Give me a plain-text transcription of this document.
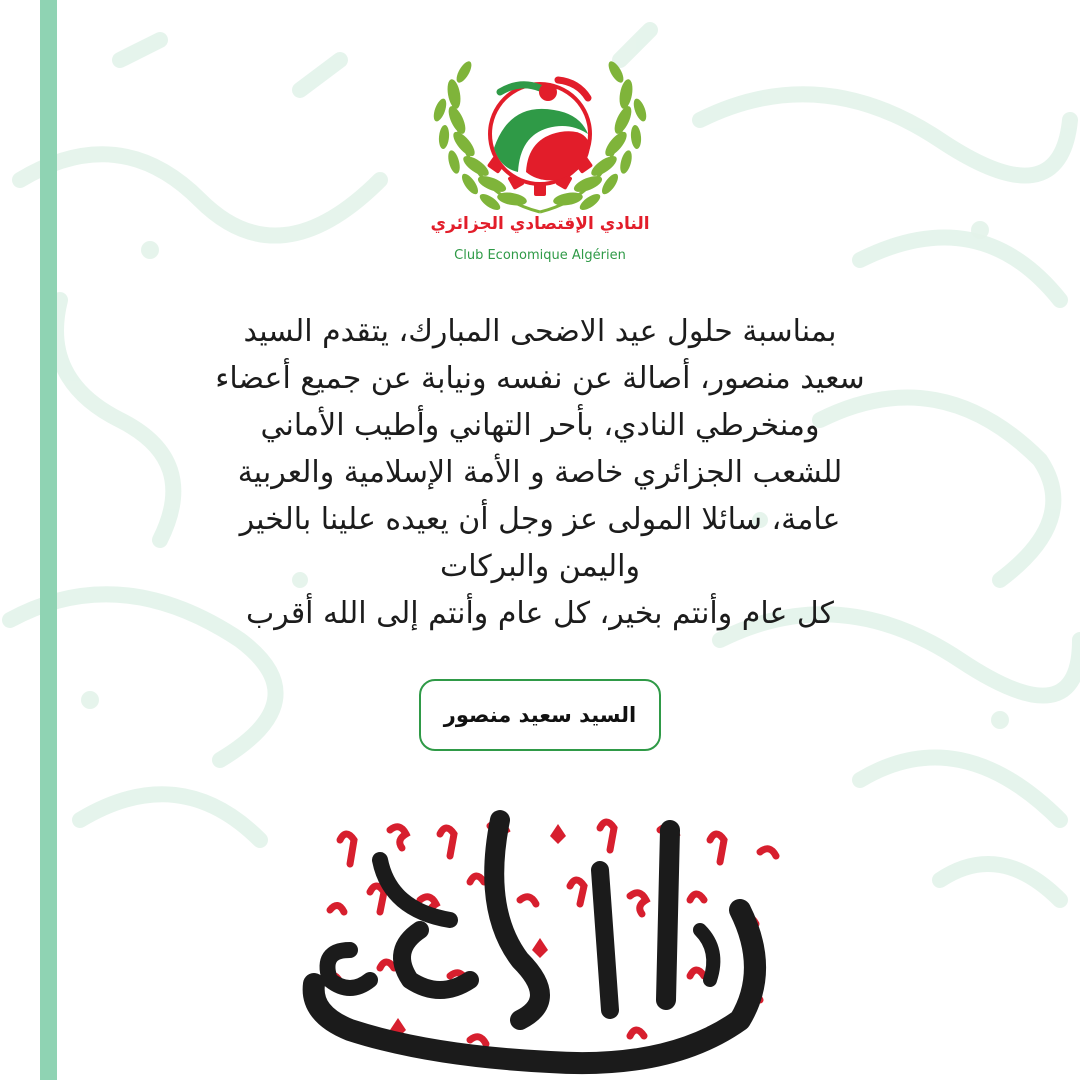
النادي الإقتصادي الجزائري
Club Economique Algérien
بمناسبة حلول عيد الاضحى المبارك، يتقدم السيد
سعيد منصور، أصالة عن نفسه ونيابة عن جميع أعضاء
ومنخرطي النادي، بأحر التهاني وأطيب الأماني
للشعب الجزائري خاصة و الأمة الإسلامية والعربية
عامة، سائلا المولى عز وجل أن يعيده علينا بالخير
واليمن والبركات
كل عام وأنتم بخير، كل عام وأنتم إلى الله أقرب
السيد سعيد منصور
